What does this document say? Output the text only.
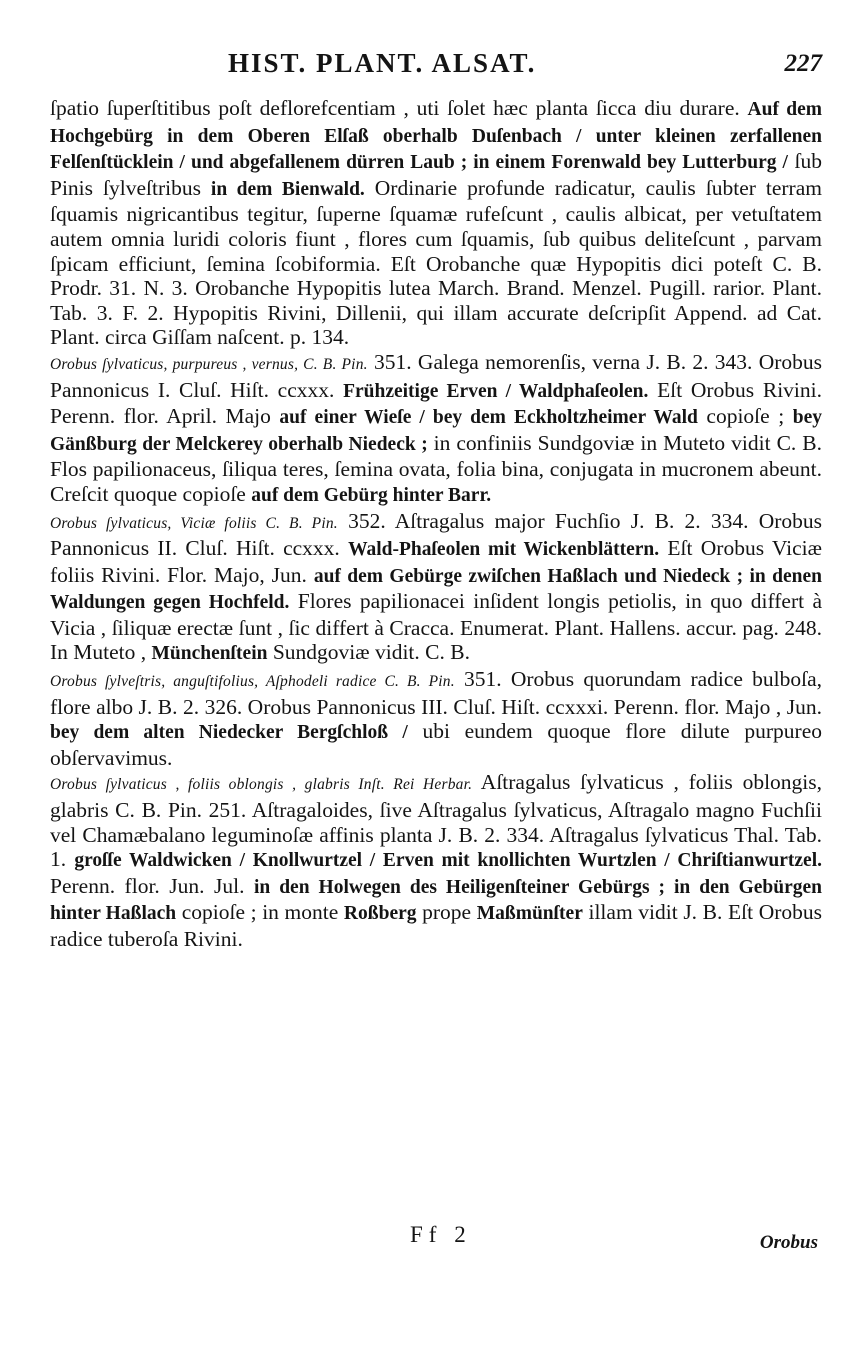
HIST. PLANT. ALSAT.	227

ſpatio ſuperſtitibus poſt deflorefcentiam , uti ſolet hæc planta ſicca diu durare. Auf dem Hochgebürg in dem Oberen Elſaß oberhalb Duſenbach / unter kleinen zerfallenen Felſenſtücklein / und abgefallenem dürren Laub ; in einem Forenwald bey Lutterburg / ſub Pinis ſylveſtribus in dem Bienwald. Ordinarie profunde radicatur, caulis ſubter terram ſquamis nigricantibus tegitur, ſuperne ſquamæ rufeſcunt , caulis albicat, per vetuſtatem autem omnia luridi coloris fiunt , flores cum ſquamis, ſub quibus deliteſcunt , parvam ſpicam efficiunt, ſemina ſcobiformia. Eſt Orobanche quæ Hypopitis dici poteſt C. B. Prodr. 31. N. 3. Orobanche Hypopitis lutea March. Brand. Menzel. Pugill. rarior. Plant. Tab. 3. F. 2. Hypopitis Rivini, Dillenii, qui illam accurate deſcripſit Append. ad Cat. Plant. circa Giſſam naſcent. p. 134.

Orobus ſylvaticus, purpureus , vernus, C. B. Pin. 351. Galega nemorenſis, verna J. B. 2. 343. Orobus Pannonicus I. Cluſ. Hiſt. ccxxx. Frühzeitige Erven / Waldphaſeolen. Eſt Orobus Rivini. Perenn. flor. April. Majo auf einer Wieſe / bey dem Eckholtzheimer Wald copioſe ; bey Gänßburg der Melckerey oberhalb Niedeck ; in confiniis Sundgoviæ in Muteto vidit C. B. Flos papilionaceus, ſiliqua teres, ſemina ovata, folia bina, conjugata in mucronem abeunt. Creſcit quoque copioſe auf dem Gebürg hinter Barr.

Orobus ſylvaticus, Viciæ foliis C. B. Pin. 352. Aſtragalus major Fuchſio J. B. 2. 334. Orobus Pannonicus II. Cluſ. Hiſt. ccxxx. Wald-Phaſeolen mit Wickenblättern. Eſt Orobus Viciæ foliis Rivini. Flor. Majo, Jun. auf dem Gebürge zwiſchen Haßlach und Niedeck ; in denen Waldungen gegen Hochfeld. Flores papilionacei inſident longis petiolis, in quo differt à Vicia , ſiliquæ erectæ ſunt , ſic differt à Cracca. Enumerat. Plant. Hallens. accur. pag. 248. In Muteto , Münchenſtein Sundgoviæ vidit. C. B.

Orobus ſylveſtris, anguſtifolius, Aſphodeli radice C. B. Pin. 351. Orobus quorundam radice bulboſa, flore albo J. B. 2. 326. Orobus Pannonicus III. Cluſ. Hiſt. ccxxxi. Perenn. flor. Majo , Jun. bey dem alten Niedecker Bergſchloß / ubi eundem quoque flore dilute purpureo obſervavimus.

Orobus ſylvaticus , foliis oblongis , glabris Inſt. Rei Herbar. Aſtragalus ſylvaticus , foliis oblongis, glabris C. B. Pin. 251. Aſtragaloides, ſive Aſtragalus ſylvaticus, Aſtragalo magno Fuchſii vel Chamæbalano leguminoſæ affinis planta J. B. 2. 334. Aſtragalus ſylvaticus Thal. Tab. 1. groſſe Waldwicken / Knollwurtzel / Erven mit knollichten Wurtzlen / Chriſtianwurtzel. Perenn. flor. Jun. Jul. in den Holwegen des Heiligenſteiner Gebürgs ; in den Gebürgen hinter Haßlach copioſe ; in monte Roßberg prope Maßmünſter illam vidit J. B. Eſt Orobus radice tuberoſa Rivini.

Ff 2	Orobus
